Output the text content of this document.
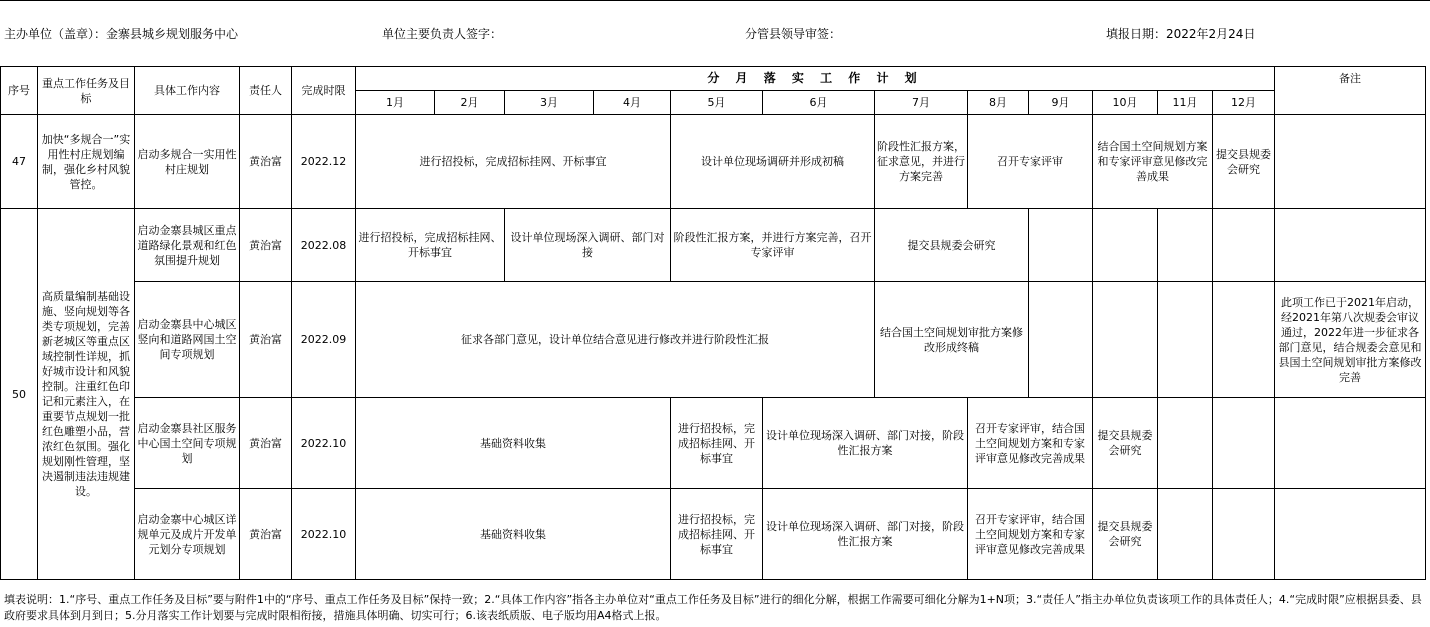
主办单位（盖章）：金寨县城乡规划服务中心	单位主要负责人签字：	分管县领导审签：	填报日期：2022年2月24日
序号	重点工作任务及目标	具体工作内容	责任人	完成时限	分 月 落 实 工 作 计 划												备注
					1月	2月	3月	4月	5月	6月	7月	8月	9月	10月	11月	12月	
47	加快“多规合一”实用性村庄规划编制，强化乡村风貌管控。	启动多规合一实用性村庄规划	黄治富	2022.12	进行招投标，完成招标挂网、开标事宜				设计单位现场调研并形成初稿		阶段性汇报方案，征求意见，并进行方案完善	召开专家评审		结合国土空间规划方案和专家评审意见修改完善成果		提交县规委会研究	
50	高质量编制基础设施、竖向规划等各类专项规划，完善新老城区等重点区域控制性详规，抓好城市设计和风貌控制。注重红色印记和元素注入，在重要节点规划一批红色雕塑小品，营浓红色氛围。强化规划刚性管理，坚决遏制违法违规建设。	启动金寨县城区重点道路绿化景观和红色氛围提升规划	黄治富	2022.08	进行招投标，完成招标挂网、开标事宜		设计单位现场深入调研、部门对接		阶段性汇报方案，并进行方案完善，召开专家评审		提交县规委会研究						
		启动金寨县中心城区竖向和道路网国土空间专项规划	黄治富	2022.09	征求各部门意见，设计单位结合意见进行修改并进行阶段性汇报						结合国土空间规划审批方案修改形成终稿						此项工作已于2021年启动，经2021年第八次规委会审议通过，2022年进一步征求各部门意见，结合规委会意见和县国土空间规划审批方案修改完善
		启动金寨县社区服务中心国土空间专项规划	黄治富	2022.10	基础资料收集				进行招投标，完成招标挂网、开标事宜	设计单位现场深入调研、部门对接，阶段性汇报方案		召开专家评审，结合国土空间规划方案和专家评审意见修改完善成果		提交县规委会研究			
		启动金寨中心城区详规单元及成片开发单元划分专项规划	黄治富	2022.10	基础资料收集				进行招投标，完成招标挂网、开标事宜	设计单位现场深入调研、部门对接，阶段性汇报方案		召开专家评审，结合国土空间规划方案和专家评审意见修改完善成果		提交县规委会研究			
填表说明：1.“序号、重点工作任务及目标”要与附件1中的“序号、重点工作任务及目标”保持一致；2.“具体工作内容”指各主办单位对“重点工作任务及目标”进行的细化分解，根据工作需要可细化分解为1+N项；3.“责任人”指主办单位负责该项工作的具体责任人；4.“完成时限”应根据县委、县政府要求具体到月到日；5.分月落实工作计划要与完成时限相衔接，措施具体明确、切实可行；6.该表纸质版、电子版均用A4格式上报。
